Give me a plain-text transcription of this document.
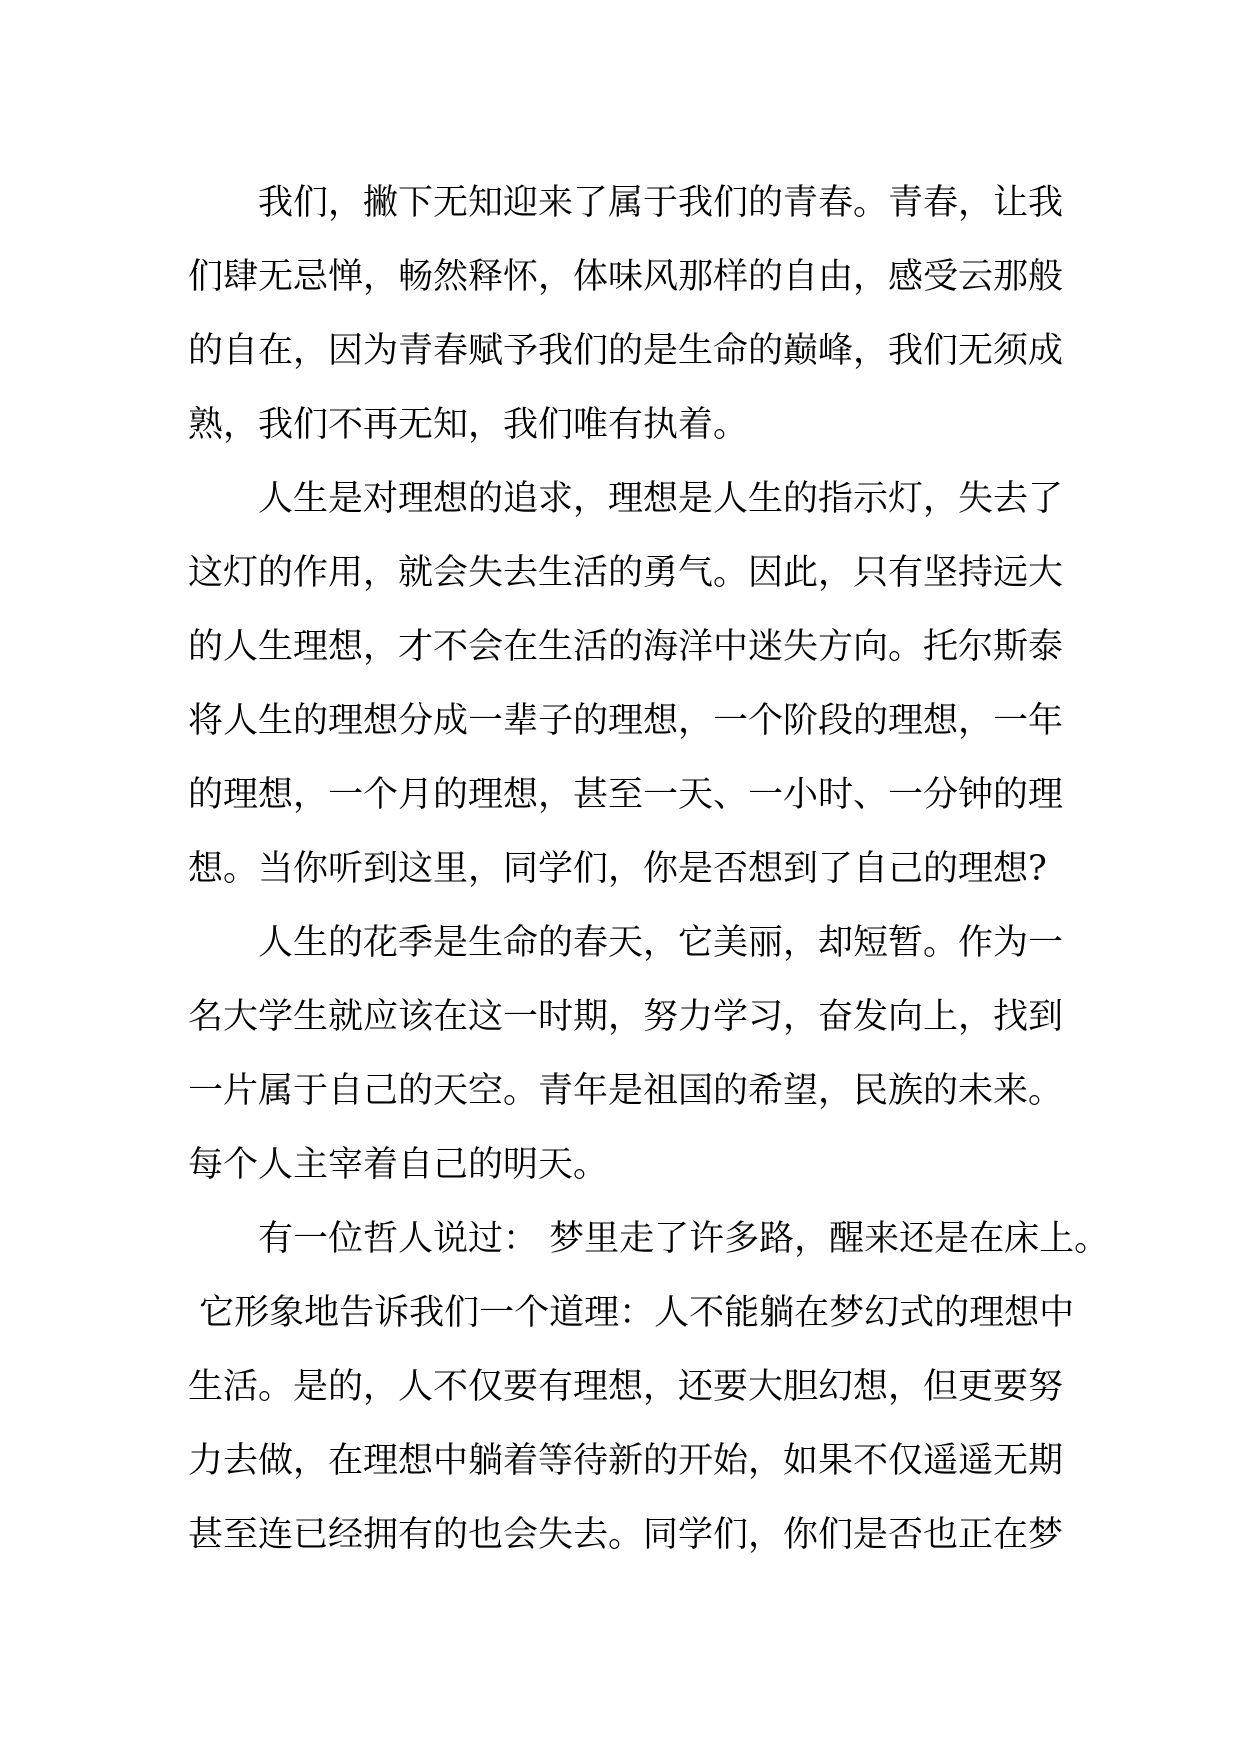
我们，撇下无知迎来了属于我们的青春。青春，让我
们肆无忌惮，畅然释怀，体味风那样的自由，感受云那般
的自在，因为青春赋予我们的是生命的巅峰，我们无须成
熟，我们不再无知，我们唯有执着。
人生是对理想的追求，理想是人生的指示灯，失去了
这灯的作用，就会失去生活的勇气。因此，只有坚持远大
的人生理想，才不会在生活的海洋中迷失方向。托尔斯泰
将人生的理想分成一辈子的理想，一个阶段的理想，一年
的理想，一个月的理想，甚至一天、一小时、一分钟的理
想。当你听到这里，同学们，你是否想到了自己的理想?
人生的花季是生命的春天，它美丽，却短暂。作为一
名大学生就应该在这一时期，努力学习，奋发向上，找到
一片属于自己的天空。青年是祖国的希望，民族的未来。
每个人主宰着自己的明天。
有一位哲人说过： 梦里走了许多路，醒来还是在床上。
它形象地告诉我们一个道理：人不能躺在梦幻式的理想中
生活。是的，人不仅要有理想，还要大胆幻想，但更要努
力去做，在理想中躺着等待新的开始，如果不仅遥遥无期
甚至连已经拥有的也会失去。同学们，你们是否也正在梦
